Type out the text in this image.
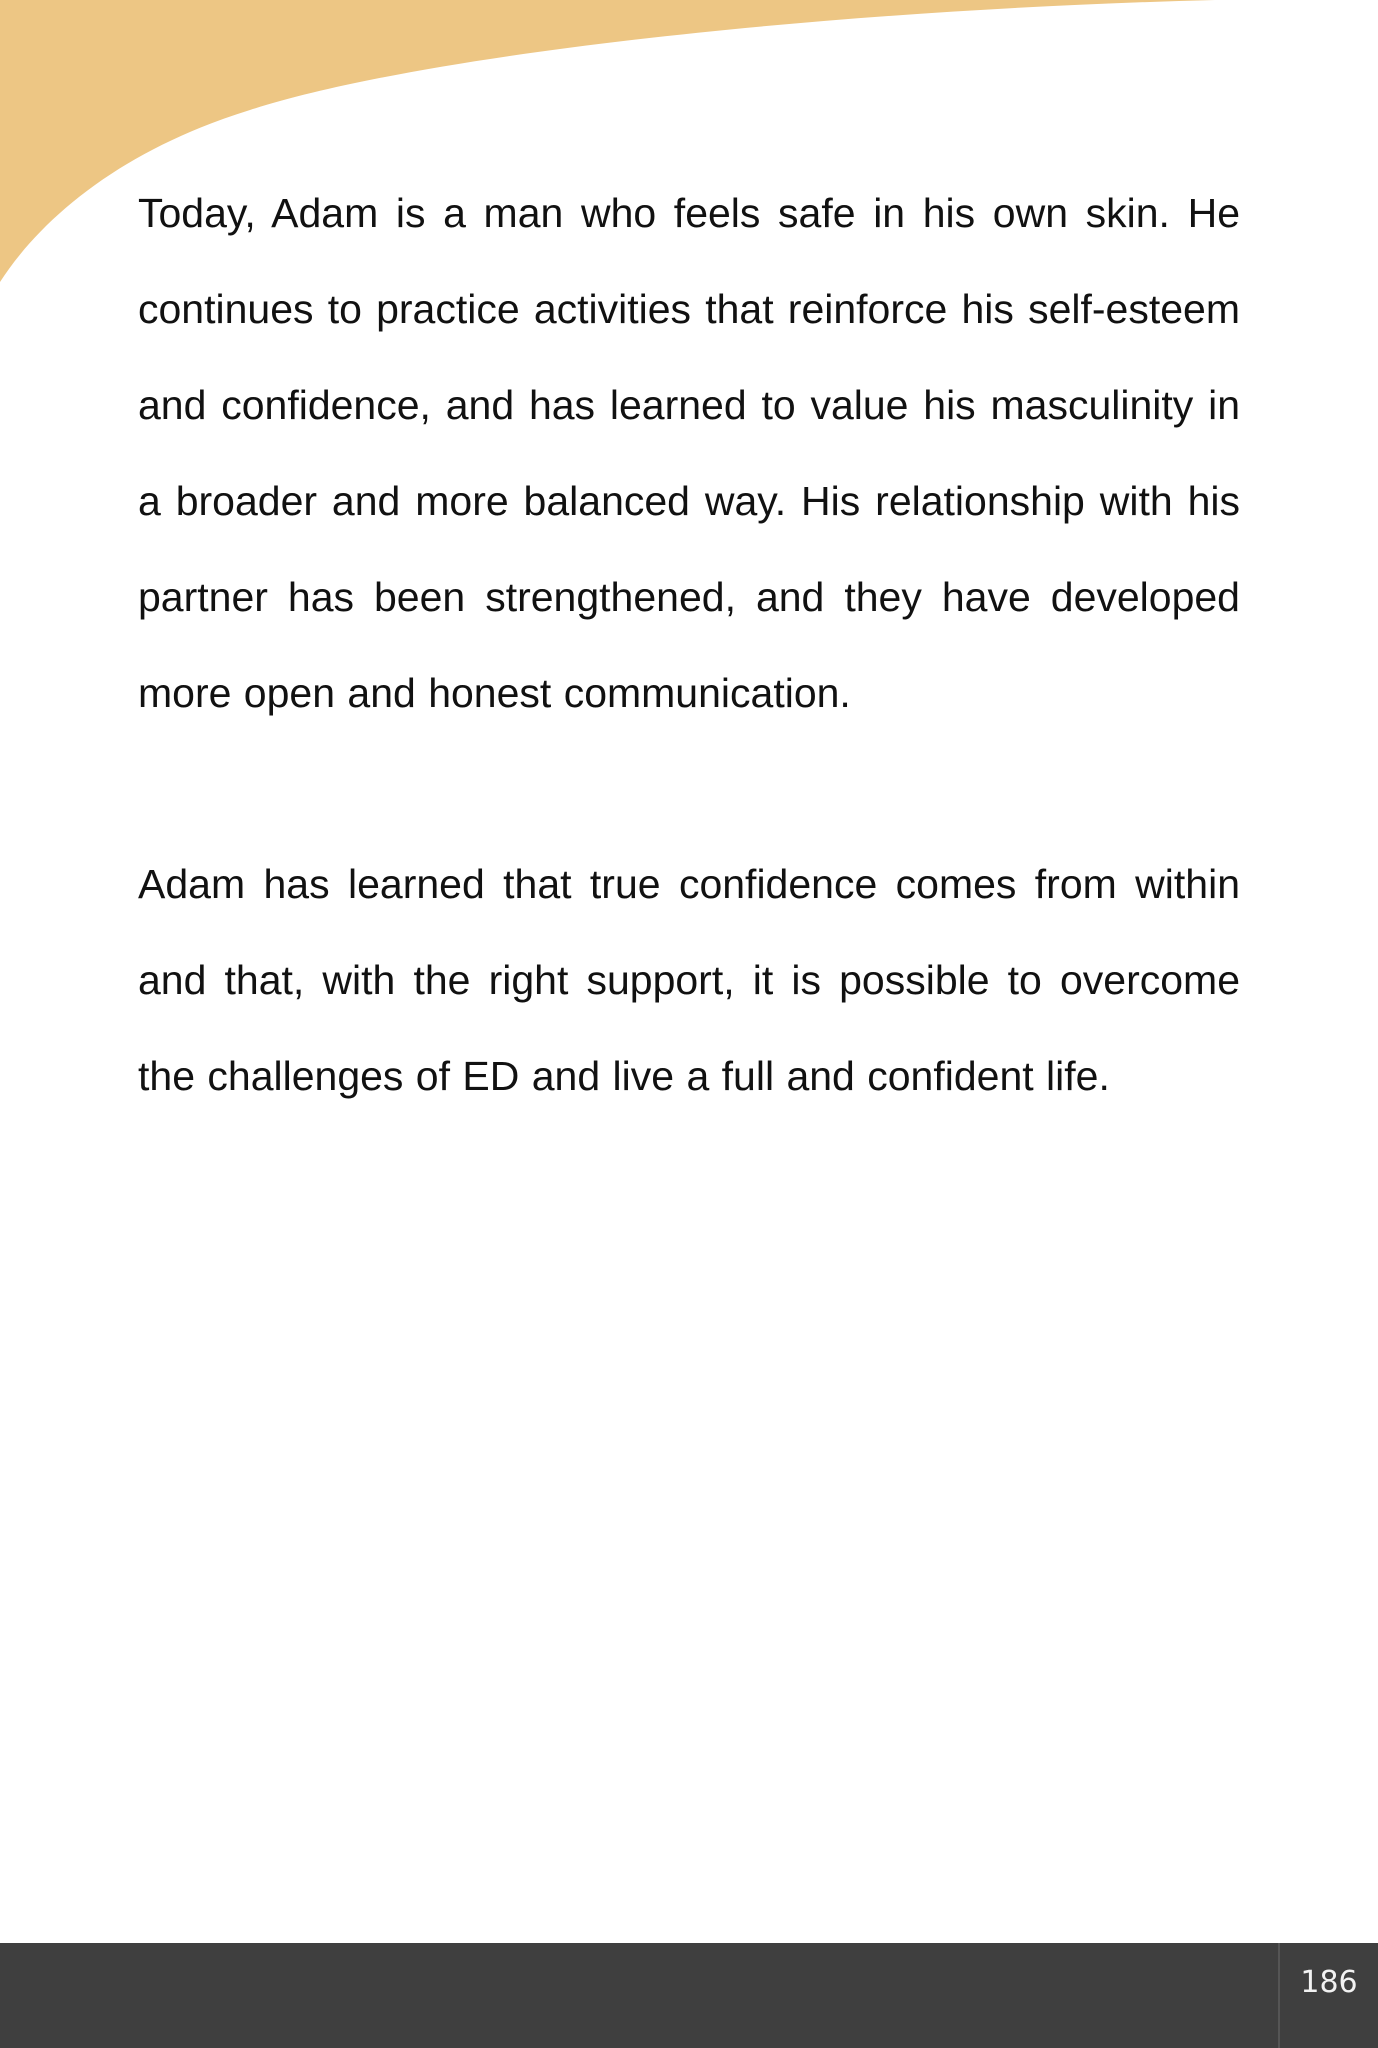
Today, Adam is a man who feels safe in his own skin. He continues to practice activities that reinforce his self-esteem and confidence, and has learned to value his masculinity in a broader and more balanced way. His relationship with his partner has been strengthened, and they have developed more open and honest communication.

Adam has learned that true confidence comes from within and that, with the right support, it is possible to overcome the challenges of ED and live a full and confident life.

186
